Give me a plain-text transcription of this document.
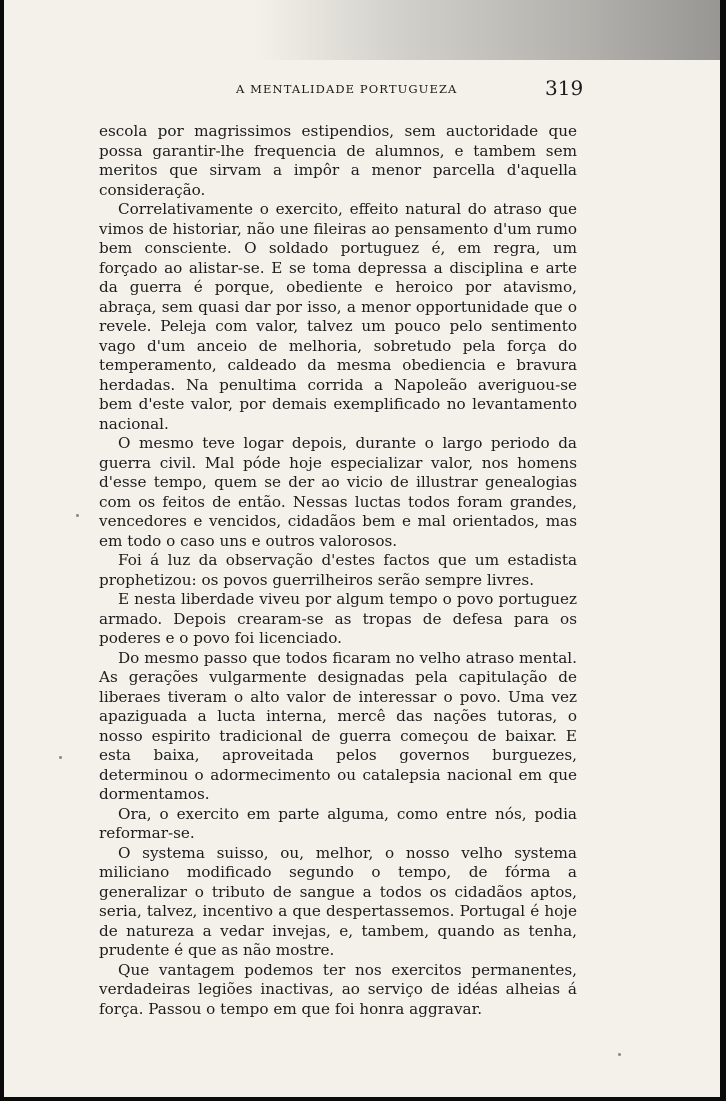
A MENTALIDADE PORTUGUEZA	319

escola por magrissimos estipendios, sem auctoridade que possa garantir-lhe frequencia de alumnos, e tambem sem meritos que sirvam a impôr a menor parcella d'aquella consideração.

Correlativamente o exercito, effeito natural do atraso que vimos de historiar, não une fileiras ao pensamento d'um rumo bem consciente. O soldado portuguez é, em regra, um forçado ao alistar-se. E se toma depressa a disciplina e arte da guerra é porque, obediente e heroico por atavismo, abraça, sem quasi dar por isso, a menor opportunidade que o revele. Peleja com valor, talvez um pouco pelo sentimento vago d'um anceio de melhoria, sobretudo pela força do temperamento, caldeado da mesma obediencia e bravura herdadas. Na penultima corrida a Napoleão averiguou-se bem d'este valor, por demais exemplificado no levantamento nacional.

O mesmo teve logar depois, durante o largo periodo da guerra civil. Mal póde hoje especializar valor, nos homens d'esse tempo, quem se der ao vicio de illustrar genealogias com os feitos de então. Nessas luctas todos foram grandes, vencedores e vencidos, cidadãos bem e mal orientados, mas em todo o caso uns e outros valorosos.

Foi á luz da observação d'estes factos que um estadista prophetizou: os povos guerrilheiros serão sempre livres.

E nesta liberdade viveu por algum tempo o povo portuguez armado. Depois crearam-se as tropas de defesa para os poderes e o povo foi licenciado.

Do mesmo passo que todos ficaram no velho atraso mental. As gerações vulgarmente designadas pela capitulação de liberaes tiveram o alto valor de interessar o povo. Uma vez apaziguada a lucta interna, mercê das nações tutoras, o nosso espirito tradicional de guerra começou de baixar. E esta baixa, aproveitada pelos governos burguezes, determinou o adormecimento ou catalepsia nacional em que dormentamos.

Ora, o exercito em parte alguma, como entre nós, podia reformar-se.

O systema suisso, ou, melhor, o nosso velho systema miliciano modificado segundo o tempo, de fórma a generalizar o tributo de sangue a todos os cidadãos aptos, seria, talvez, incentivo a que despertassemos. Portugal é hoje de natureza a vedar invejas, e, tambem, quando as tenha, prudente é que as não mostre.

Que vantagem podemos ter nos exercitos permanentes, verdadeiras legiões inactivas, ao serviço de idéas alheias á força. Passou o tempo em que foi honra aggravar.
